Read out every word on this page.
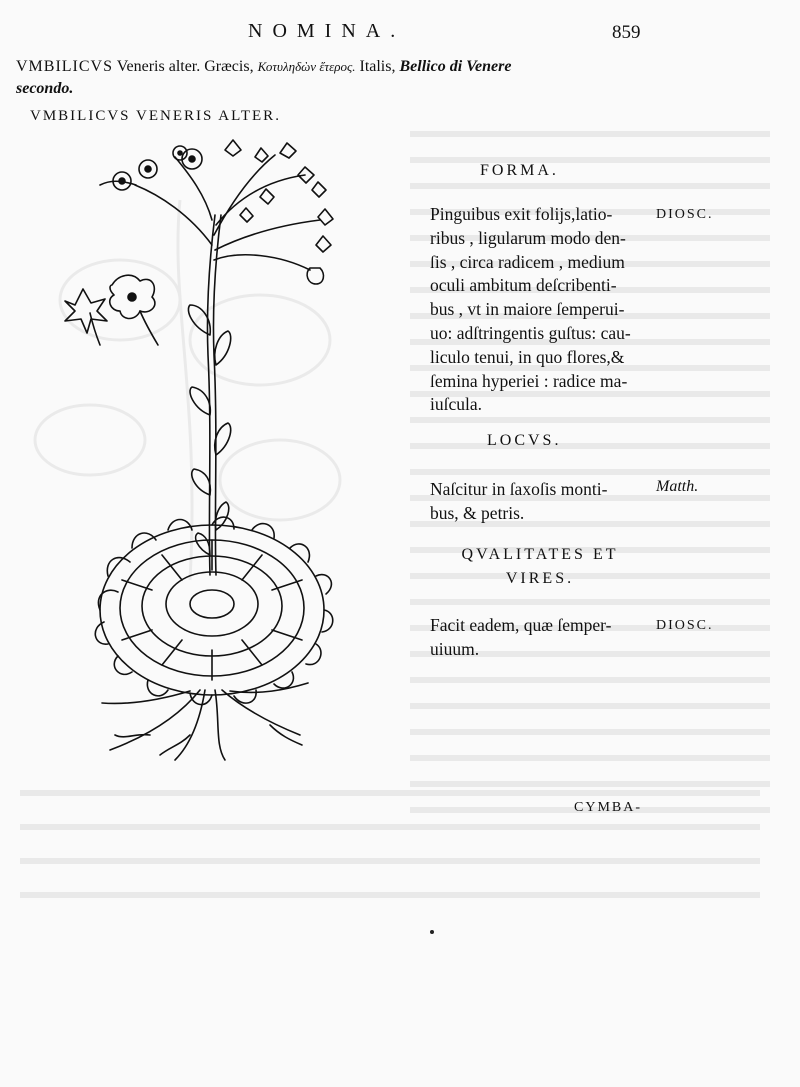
NOMINA.	859
VMBILICVS Veneris alter. Græcis, Κοτυληδὼν ἕτερος. Italis, Bellico di Venere
secondo.
VMBILICVS VENERIS ALTER.
FORMA.
Pinguibus exit folijs,latio-
ribus , ligularum modo den-
ſis , circa radicem , medium
oculi ambitum deſcribenti-
bus , vt in maiore ſemperui-
uo: adſtringentis guſtus: cau-
liculo tenui, in quo flores,&
ſemina hyperiei : radice ma-
iuſcula.
DIOSC.
LOCVS.
Naſcitur in ſaxoſis monti-
bus, & petris.
Matth.
QVALITATES ET
VIRES.
Facit eadem, quæ ſemper-
uiuum.
DIOSC.
CYMBA-
